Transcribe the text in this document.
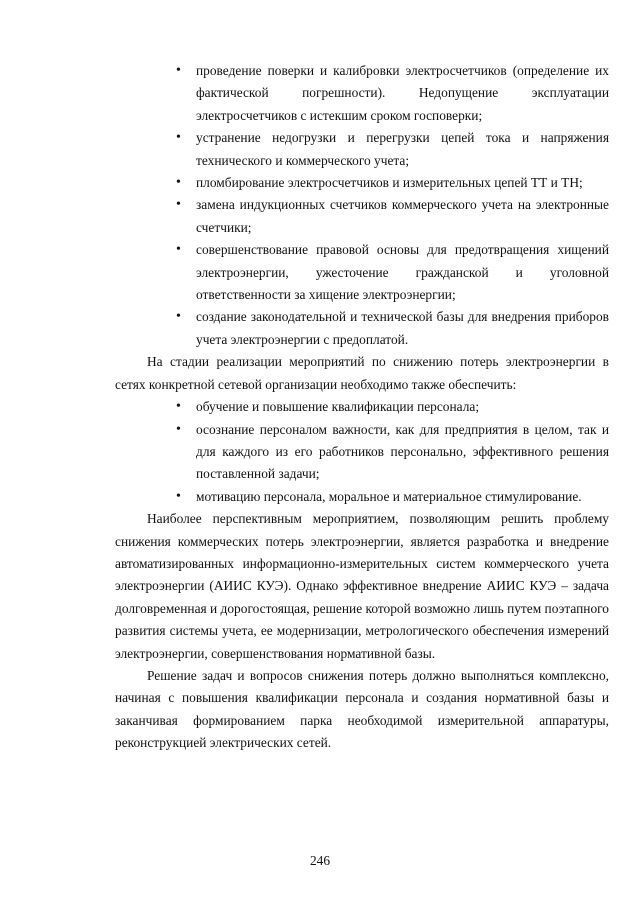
• проведение поверки и калибровки электросчетчиков (определение их фактической погрешности). Недопущение эксплуатации электросчетчиков с истекшим сроком госповерки;
• устранение недогрузки и перегрузки цепей тока и напряжения технического и коммерческого учета;
• пломбирование электросчетчиков и измерительных цепей ТТ и ТН;
• замена индукционных счетчиков коммерческого учета на электронные счетчики;
• совершенствование правовой основы для предотвращения хищений электроэнергии, ужесточение гражданской и уголовной ответственности за хищение электроэнергии;
• создание законодательной и технической базы для внедрения приборов учета электроэнергии с предоплатой.

На стадии реализации мероприятий по снижению потерь электроэнергии в сетях конкретной сетевой организации необходимо также обеспечить:

• обучение и повышение квалификации персонала;
• осознание персоналом важности, как для предприятия в целом, так и для каждого из его работников персонально, эффективного решения поставленной задачи;
• мотивацию персонала, моральное и материальное стимулирование.

Наиболее перспективным мероприятием, позволяющим решить проблему снижения коммерческих потерь электроэнергии, является разработка и внедрение автоматизированных информационно-измерительных систем коммерческого учета электроэнергии (АИИС КУЭ). Однако эффективное внедрение АИИС КУЭ – задача долговременная и дорогостоящая, решение которой возможно лишь путем поэтапного развития системы учета, ее модернизации, метрологического обеспечения измерений электроэнергии, совершенствования нормативной базы.

Решение задач и вопросов снижения потерь должно выполняться комплексно, начиная с повышения квалификации персонала и создания нормативной базы и заканчивая формированием парка необходимой измерительной аппаратуры, реконструкцией электрических сетей.

246
